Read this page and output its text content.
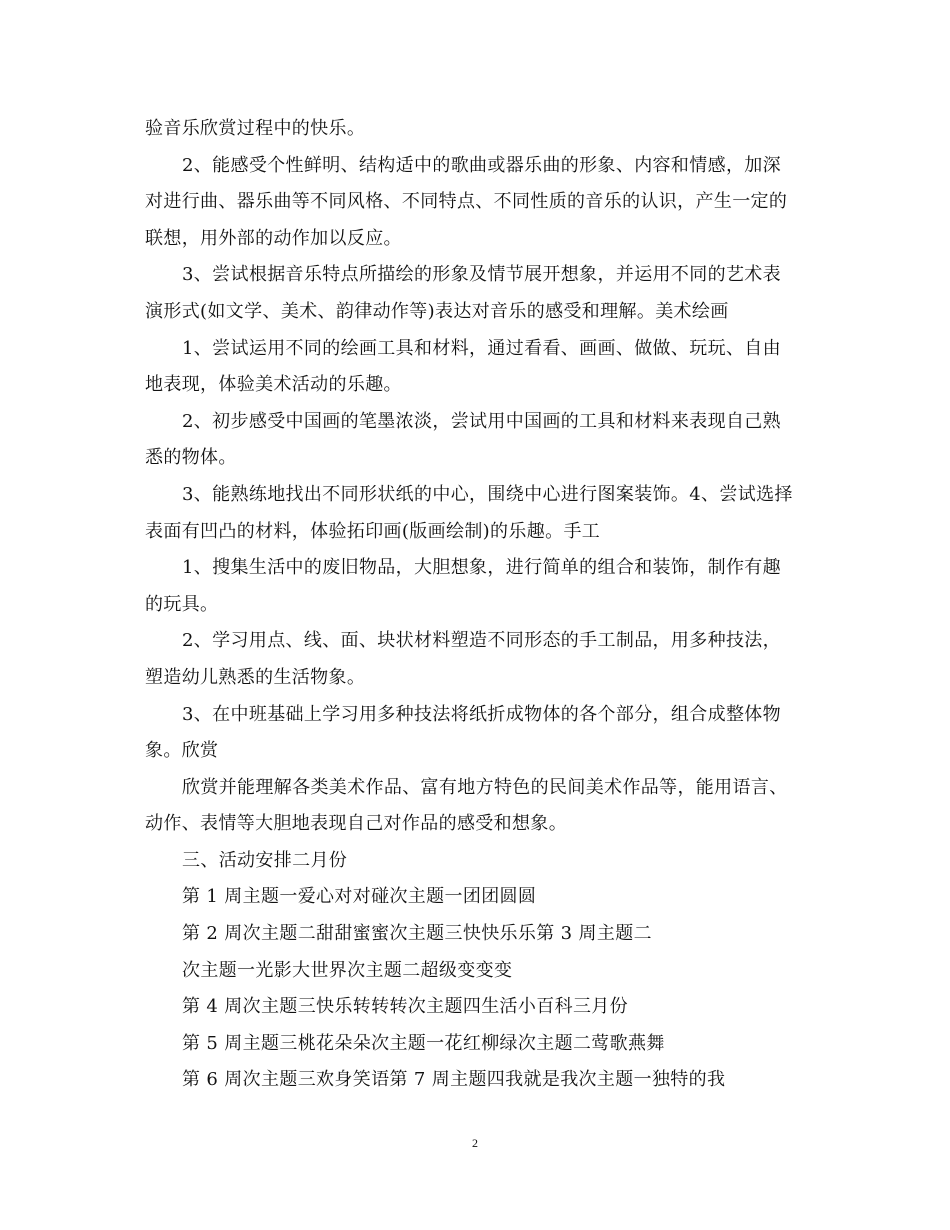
验音乐欣赏过程中的快乐。
2、能感受个性鲜明、结构适中的歌曲或器乐曲的形象、内容和情感，加深
对进行曲、器乐曲等不同风格、不同特点、不同性质的音乐的认识，产生一定的
联想，用外部的动作加以反应。
3、尝试根据音乐特点所描绘的形象及情节展开想象，并运用不同的艺术表
演形式(如文学、美术、韵律动作等)表达对音乐的感受和理解。美术绘画
1、尝试运用不同的绘画工具和材料，通过看看、画画、做做、玩玩、自由
地表现，体验美术活动的乐趣。
2、初步感受中国画的笔墨浓淡，尝试用中国画的工具和材料来表现自己熟
悉的物体。
3、能熟练地找出不同形状纸的中心，围绕中心进行图案装饰。4、尝试选择
表面有凹凸的材料，体验拓印画(版画绘制)的乐趣。手工
1、搜集生活中的废旧物品，大胆想象，进行简单的组合和装饰，制作有趣
的玩具。
2、学习用点、线、面、块状材料塑造不同形态的手工制品，用多种技法，
塑造幼儿熟悉的生活物象。
3、在中班基础上学习用多种技法将纸折成物体的各个部分，组合成整体物
象。欣赏
欣赏并能理解各类美术作品、富有地方特色的民间美术作品等，能用语言、
动作、表情等大胆地表现自己对作品的感受和想象。
三、活动安排二月份
第 1 周主题一爱心对对碰次主题一团团圆圆
第 2 周次主题二甜甜蜜蜜次主题三快快乐乐第 3 周主题二
次主题一光影大世界次主题二超级变变变
第 4 周次主题三快乐转转转次主题四生活小百科三月份
第 5 周主题三桃花朵朵次主题一花红柳绿次主题二莺歌燕舞
第 6 周次主题三欢身笑语第 7 周主题四我就是我次主题一独特的我
2
